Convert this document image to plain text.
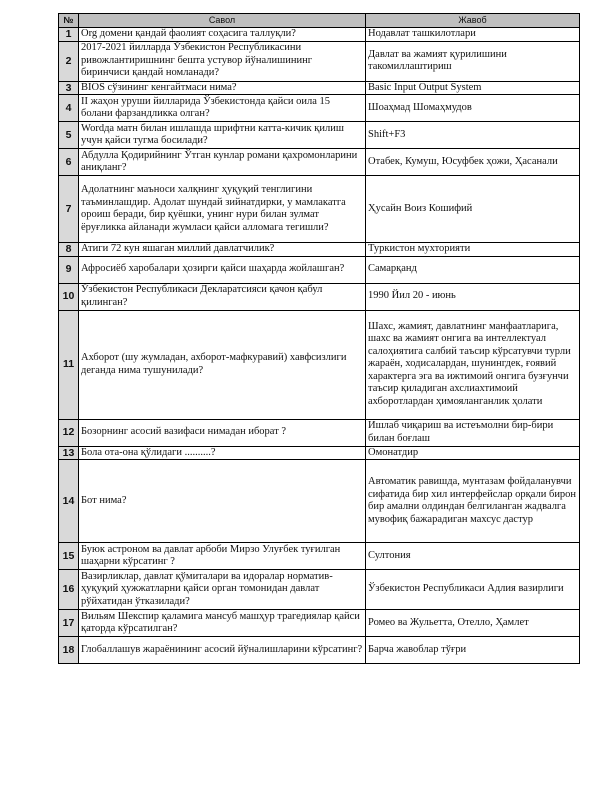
№	Савол	Жавоб
1	Org домени қандай фаолият соҳасига таллуқли?	Нодавлат ташкилотлари
2	2017-2021 йилларда Ўзбекистон Республикасини ривожлантиришнинг бешта устувор йўналишининг биринчиси қандай номланади?	Давлат ва жамият қурилишини такомиллаштириш
3	BIOS сўзининг кенгайтмаси нима?	Basic Input Output System
4	II жаҳон уруши йилларида Ўзбекистонда қайси оила 15 болани фарзандликка олган?	Шоаҳмад Шомаҳмудов
5	Wordда матн билан ишлашда шрифтни катта-кичик қилиш учун қайси тугма босилади?	Shift+F3
6	Абдулла Қодирийнинг Ўтган кунлар романи қахромонларини аниқланг?	Отабек, Кумуш, Юсуфбек ҳожи, Ҳасанали
7	Адолатнинг маъноси халқнинг ҳуқуқий тенглигини таъминлашдир. Адолат шундай зийнатдирки, у мамлакатга ороиш беради, бир қуёшки, унинг нури билан зулмат ёруғликка айланади жумласи қайси алломага тегишли?	Ҳусайн Воиз Кошифий
8	Атиги 72 кун яшаган миллий давлатчилик?	Туркистон мухторияти
9	Афросиёб харобалари ҳозирги қайси шаҳарда жойлашган?	Самарқанд
10	Ўзбекистон Республикаси Декларатсияси қачон қабул қилинган?	1990 Йил 20 - июнь
11	Ахборот (шу жумладан, ахборот-мафкуравий) хавфсизлиги деганда нима тушунилади?	Шахс, жамият, давлатнинг манфаатларига, шахс ва жамият онгига ва интеллектуал салоҳиятига салбий таъсир кўрсатувчи турли жараён, ходисалардан, шунингдек, ғоявий характерга эга ва ижтимоий онгига бузғунчи таъсир қиладиган ахслиахтимоий ахборотлардан ҳимояланганлик ҳолати
12	Бозорнинг асосий вазифаси нимадан иборат ?	Ишлаб чиқариш ва истеъмолни бир-бири билан боғлаш
13	Бола ота-она қўлидаги ..........?	Омонатдир
14	Бот нима?	Автоматик равишда, мунтазам фойдаланувчи сифатида бир хил интерфейслар орқали бирон бир амални олдиндан белгиланган жадвалга мувофиқ бажарадиган махсус дастур
15	Буюк астроном ва давлат арбоби Мирзо Улуғбек туғилган шаҳарни кўрсатинг ?	Султония
16	Вазирликлар, давлат қўмиталари ва идоралар норматив-ҳуқуқий ҳужжатларни қайси орган томонидан давлат рўйхатидан ўтказилади?	Ўзбекистон Республикаси Адлия вазирлиги
17	Вильям Шекспир қаламига мансуб машҳур трагедиялар қайси қаторда кўрсатилган?	Ромео ва Жульетта, Отелло, Ҳамлет
18	Глобаллашув жараёнининг асосий йўналишларини кўрсатинг?	Барча жавоблар тўғри
